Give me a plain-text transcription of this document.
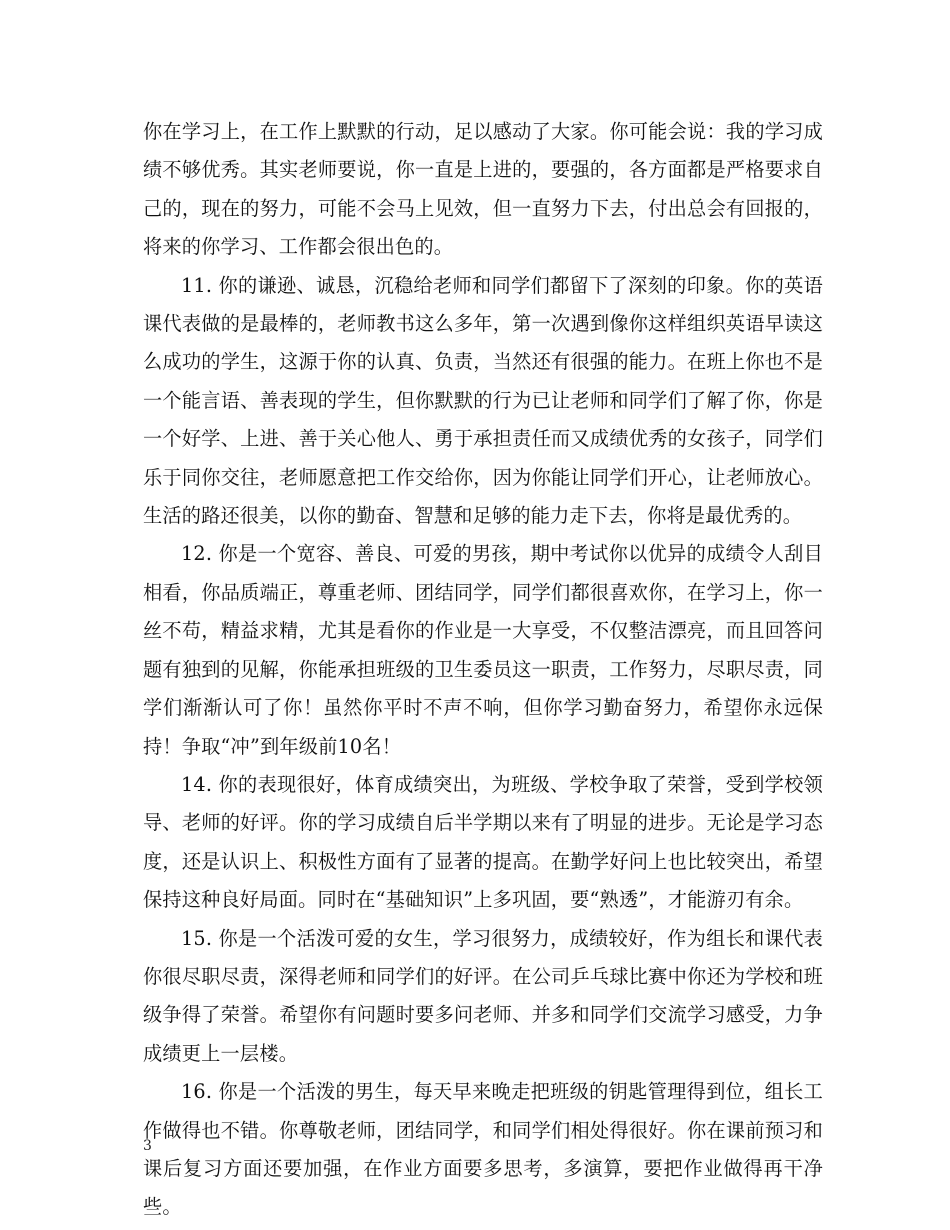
你在学习上，在工作上默默的行动，足以感动了大家。你可能会说：我的学习成绩不够优秀。其实老师要说，你一直是上进的，要强的，各方面都是严格要求自己的，现在的努力，可能不会马上见效，但一直努力下去，付出总会有回报的，将来的你学习、工作都会很出色的。

11. 你的谦逊、诚恳，沉稳给老师和同学们都留下了深刻的印象。你的英语课代表做的是最棒的，老师教书这么多年，第一次遇到像你这样组织英语早读这么成功的学生，这源于你的认真、负责，当然还有很强的能力。在班上你也不是一个能言语、善表现的学生，但你默默的行为已让老师和同学们了解了你，你是一个好学、上进、善于关心他人、勇于承担责任而又成绩优秀的女孩子，同学们乐于同你交往，老师愿意把工作交给你，因为你能让同学们开心，让老师放心。生活的路还很美，以你的勤奋、智慧和足够的能力走下去，你将是最优秀的。

12. 你是一个宽容、善良、可爱的男孩，期中考试你以优异的成绩令人刮目相看，你品质端正，尊重老师、团结同学，同学们都很喜欢你，在学习上，你一丝不苟，精益求精，尤其是看你的作业是一大享受，不仅整洁漂亮，而且回答问题有独到的见解，你能承担班级的卫生委员这一职责，工作努力，尽职尽责，同学们渐渐认可了你！虽然你平时不声不响，但你学习勤奋努力，希望你永远保持！争取“冲”到年级前10名！

14. 你的表现很好，体育成绩突出，为班级、学校争取了荣誉，受到学校领导、老师的好评。你的学习成绩自后半学期以来有了明显的进步。无论是学习态度，还是认识上、积极性方面有了显著的提高。在勤学好问上也比较突出，希望保持这种良好局面。同时在“基础知识”上多巩固，要“熟透”，才能游刃有余。

15. 你是一个活泼可爱的女生，学习很努力，成绩较好，作为组长和课代表你很尽职尽责，深得老师和同学们的好评。在公司乒乓球比赛中你还为学校和班级争得了荣誉。希望你有问题时要多问老师、并多和同学们交流学习感受，力争成绩更上一层楼。

16. 你是一个活泼的男生，每天早来晚走把班级的钥匙管理得到位，组长工作做得也不错。你尊敬老师，团结同学，和同学们相处得很好。你在课前预习和课后复习方面还要加强，在作业方面要多思考，多演算，要把作业做得再干净些。

3
